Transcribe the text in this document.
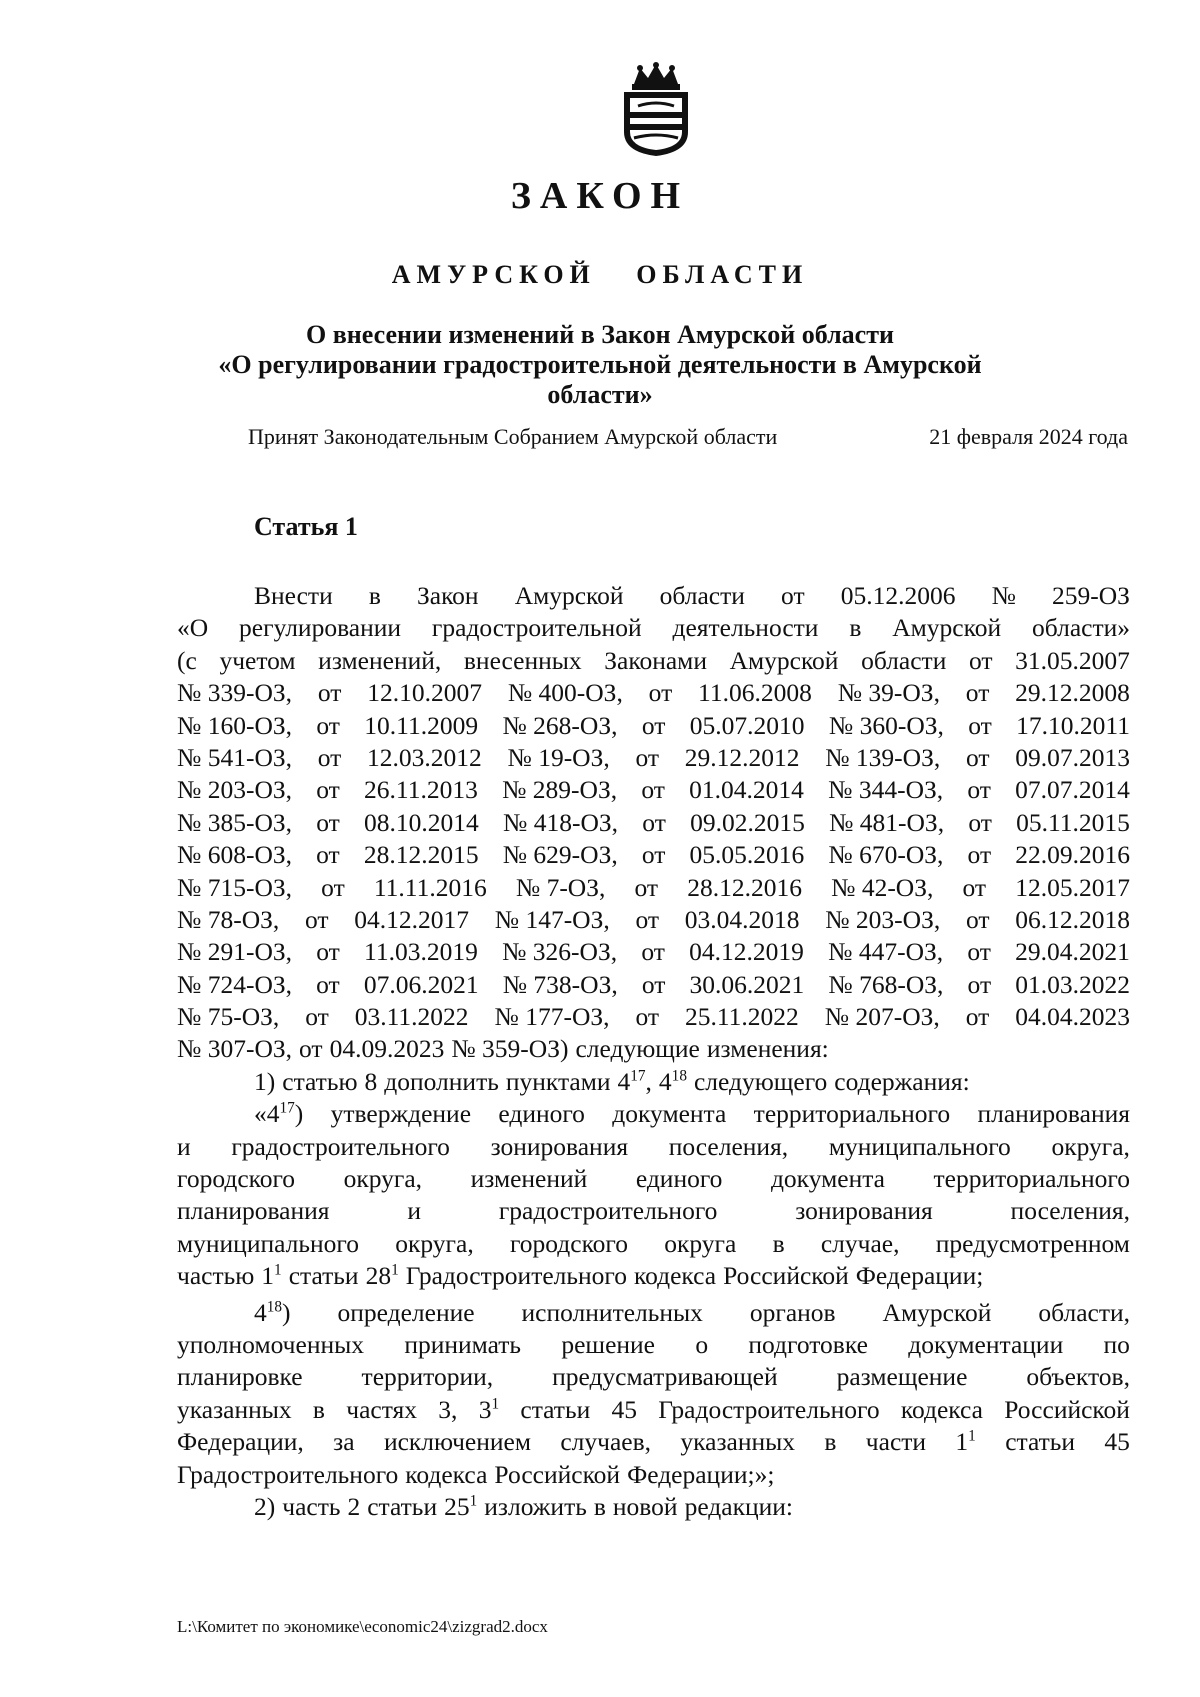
ЗАКОН
АМУРСКОЙ ОБЛАСТИ
О внесении изменений в Закон Амурской области
«О регулировании градостроительной деятельности в Амурской
области»
Принят Законодательным Собранием Амурской области	21 февраля 2024 года
Статья 1
Внести в Закон Амурской области от 05.12.2006 № 259-ОЗ
«О регулировании градостроительной деятельности в Амурской области»
(с учетом изменений, внесенных Законами Амурской области от 31.05.2007
№ 339-ОЗ, от 12.10.2007 № 400-ОЗ, от 11.06.2008 № 39-ОЗ, от 29.12.2008
№ 160-ОЗ, от 10.11.2009 № 268-ОЗ, от 05.07.2010 № 360-ОЗ, от 17.10.2011
№ 541-ОЗ, от 12.03.2012 № 19-ОЗ, от 29.12.2012 № 139-ОЗ, от 09.07.2013
№ 203-ОЗ, от 26.11.2013 № 289-ОЗ, от 01.04.2014 № 344-ОЗ, от 07.07.2014
№ 385-ОЗ, от 08.10.2014 № 418-ОЗ, от 09.02.2015 № 481-ОЗ, от 05.11.2015
№ 608-ОЗ, от 28.12.2015 № 629-ОЗ, от 05.05.2016 № 670-ОЗ, от 22.09.2016
№ 715-ОЗ, от 11.11.2016 № 7-ОЗ, от 28.12.2016 № 42-ОЗ, от 12.05.2017
№ 78-ОЗ, от 04.12.2017 № 147-ОЗ, от 03.04.2018 № 203-ОЗ, от 06.12.2018
№ 291-ОЗ, от 11.03.2019 № 326-ОЗ, от 04.12.2019 № 447-ОЗ, от 29.04.2021
№ 724-ОЗ, от 07.06.2021 № 738-ОЗ, от 30.06.2021 № 768-ОЗ, от 01.03.2022
№ 75-ОЗ, от 03.11.2022 № 177-ОЗ, от 25.11.2022 № 207-ОЗ, от 04.04.2023
№ 307-ОЗ, от 04.09.2023 № 359-ОЗ) следующие изменения:
1) статью 8 дополнить пунктами $4^{17}$, $4^{18}$ следующего содержания:
«$4^{17}$) утверждение единого документа территориального планирования
и градостроительного зонирования поселения, муниципального округа,
городского округа, изменений единого документа территориального
планирования	и	градостроительного	зонирования	поселения,
муниципального округа, городского округа в случае, предусмотренном
частью $1^1$ статьи $28^1$ Градостроительного кодекса Российской Федерации;
$4^{18}$) определение исполнительных органов Амурской области,
уполномоченных принимать решение о подготовке документации по
планировке территории, предусматривающей размещение объектов,
указанных в частях 3, $3^1$ статьи 45 Градостроительного кодекса Российской
Федерации, за исключением случаев, указанных в части $1^1$ статьи 45
Градостроительного кодекса Российской Федерации;»;
2) часть 2 статьи $25^1$ изложить в новой редакции:
L:\Комитет по экономике\economic24\zizgrad2.docx
